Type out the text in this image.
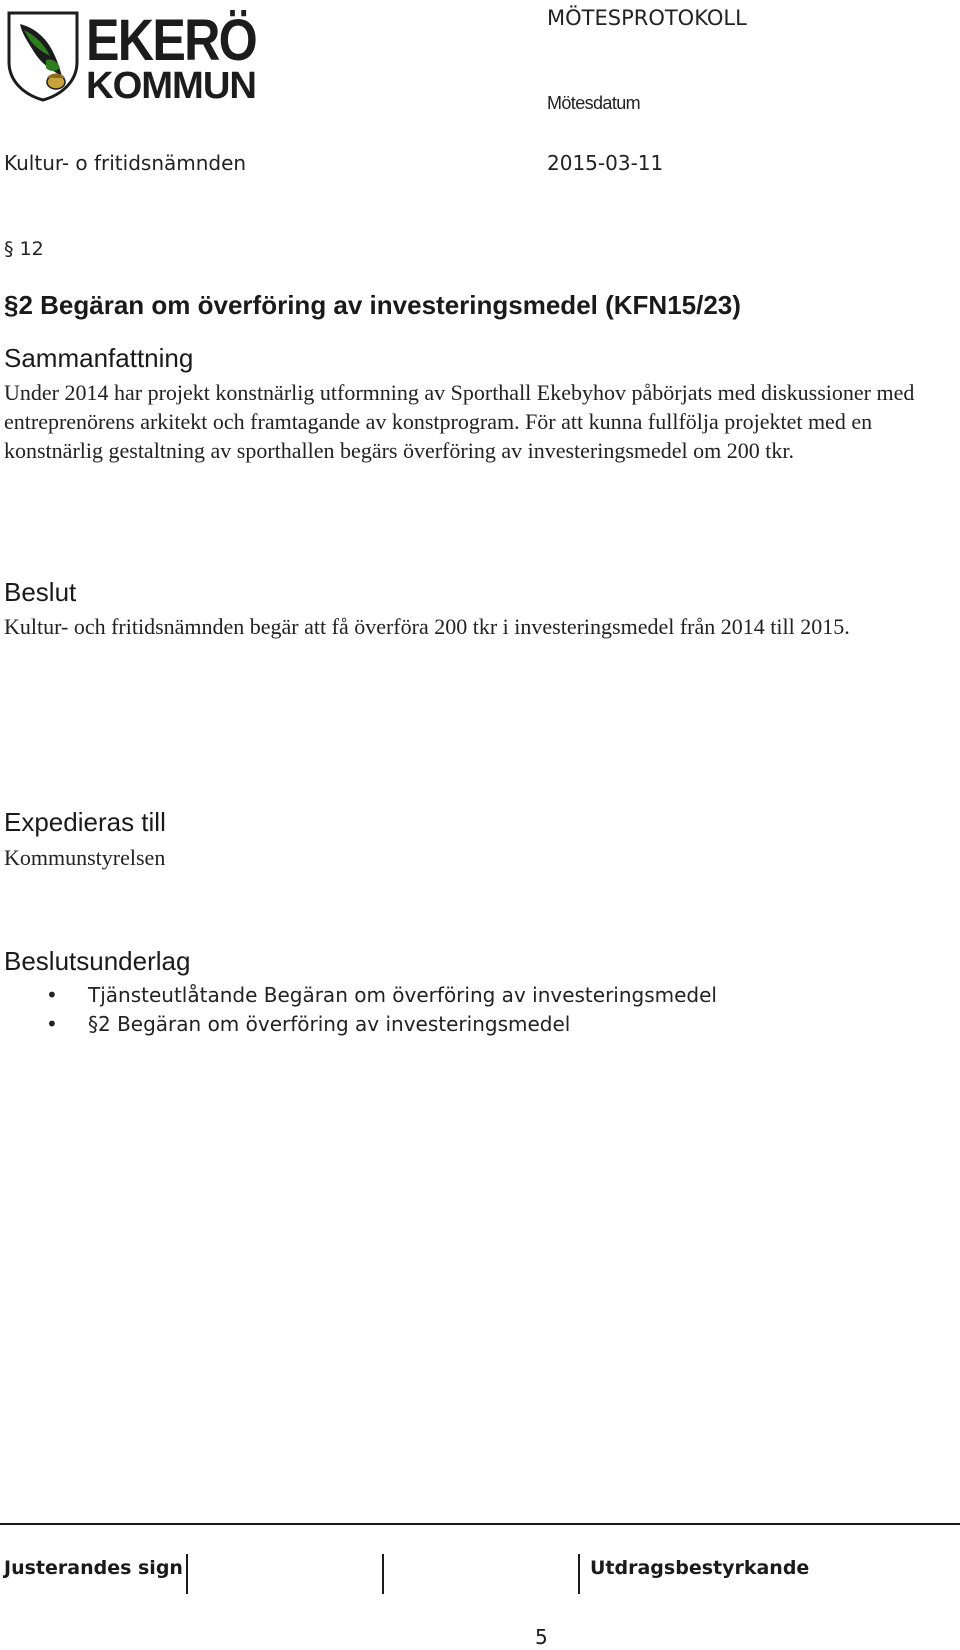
EKERÖ
KOMMUN
MÖTESPROTOKOLL
Mötesdatum
Kultur- o fritidsnämnden	2015-03-11
§ 12
§2 Begäran om överföring av investeringsmedel (KFN15/23)
Sammanfattning

Under 2014 har projekt konstnärlig utformning av Sporthall Ekebyhov påbörjats med diskussioner med entreprenörens arkitekt och framtagande av konstprogram. För att kunna fullfölja projektet med en konstnärlig gestaltning av sporthallen begärs överföring av investeringsmedel om 200 tkr.

Beslut

Kultur- och fritidsnämnden begär att få överföra 200 tkr i investeringsmedel från 2014 till 2015.

Expedieras till

Kommunstyrelsen

Beslutsunderlag
• Tjänsteutlåtande Begäran om överföring av investeringsmedel
• §2 Begäran om överföring av investeringsmedel
Justerandes sign	Utdragsbestyrkande
5
